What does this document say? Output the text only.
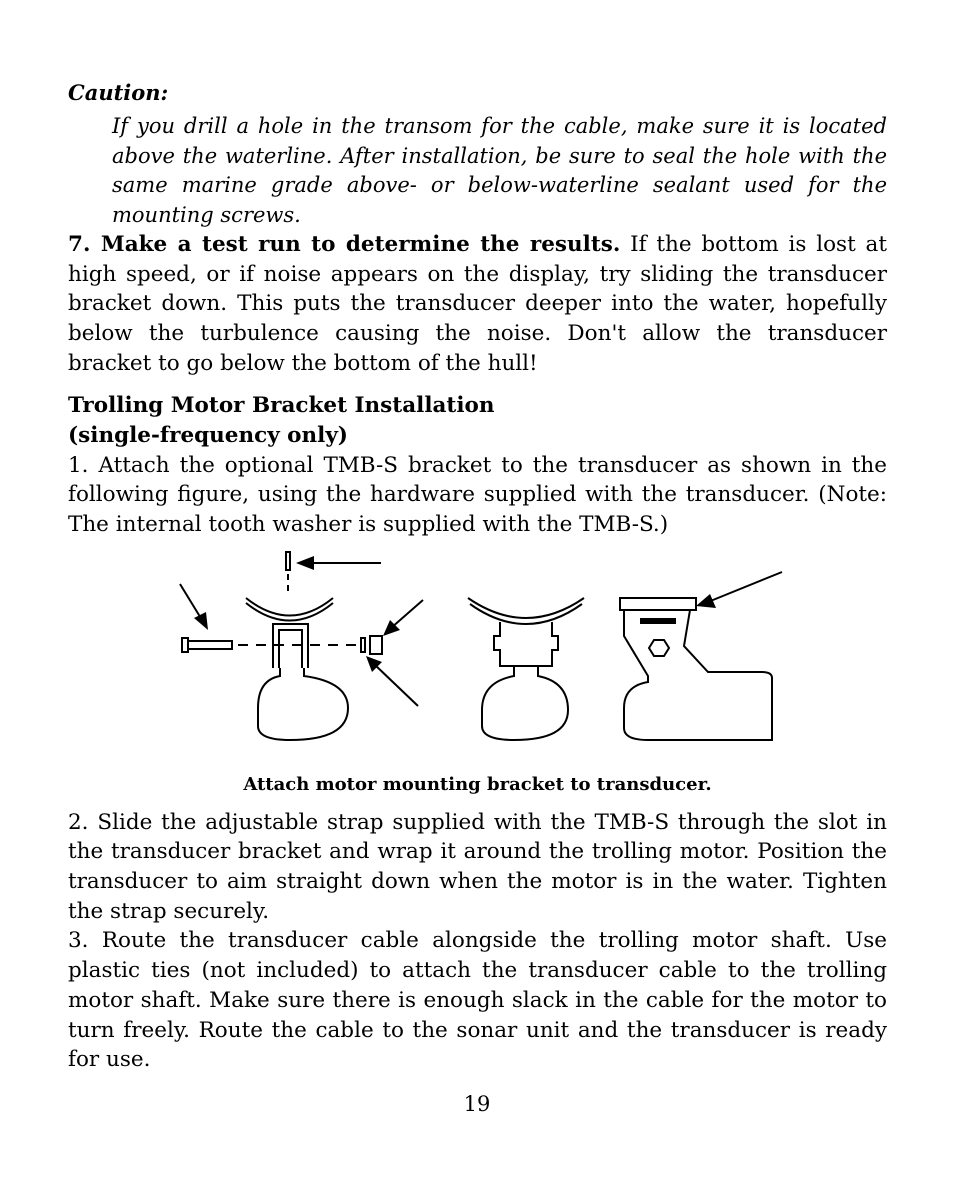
Caution:

If you drill a hole in the transom for the cable, make sure it is located above the waterline. After installation, be sure to seal the hole with the same marine grade above- or below-waterline sealant used for the mounting screws.

7. Make a test run to determine the results. If the bottom is lost at high speed, or if noise appears on the display, try sliding the transducer bracket down. This puts the transducer deeper into the water, hopefully below the turbulence causing the noise. Don't allow the transducer bracket to go below the bottom of the hull!

Trolling Motor Bracket Installation
(single-frequency only)

1. Attach the optional TMB-S bracket to the transducer as shown in the following figure, using the hardware supplied with the transducer. (Note: The internal tooth washer is supplied with the TMB-S.)

Attach motor mounting bracket to transducer.

2. Slide the adjustable strap supplied with the TMB-S through the slot in the transducer bracket and wrap it around the trolling motor. Position the transducer to aim straight down when the motor is in the water. Tighten the strap securely.

3. Route the transducer cable alongside the trolling motor shaft. Use plastic ties (not included) to attach the transducer cable to the trolling motor shaft. Make sure there is enough slack in the cable for the motor to turn freely. Route the cable to the sonar unit and the transducer is ready for use.

19
